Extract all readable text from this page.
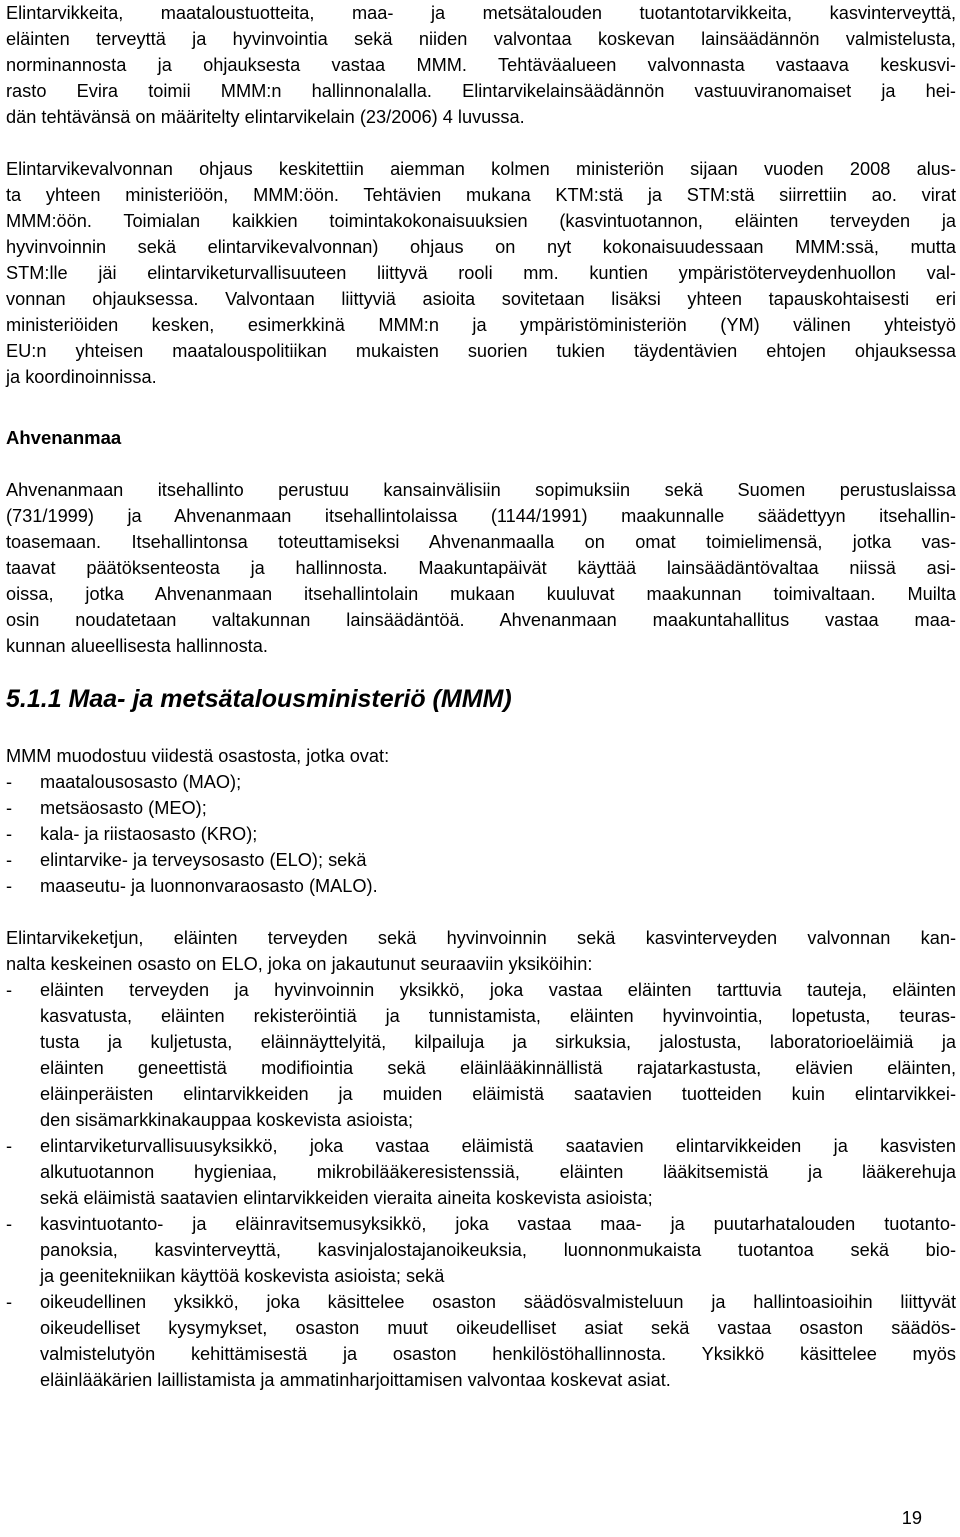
Elintarvikkeita, maataloustuotteita, maa- ja metsätalouden tuotantotarvikkeita, kasvinterveyttä,
eläinten terveyttä ja hyvinvointia sekä niiden valvontaa koskevan lainsäädännön valmistelusta,
norminannosta ja ohjauksesta vastaa MMM. Tehtäväalueen valvonnasta vastaava keskusvi-
rasto Evira toimii MMM:n hallinnonalalla. Elintarvikelainsäädännön vastuuviranomaiset ja hei-
dän tehtävänsä on määritelty elintarvikelain (23/2006) 4 luvussa.
Elintarvikevalvonnan ohjaus keskitettiin aiemman kolmen ministeriön sijaan vuoden 2008 alus-
ta yhteen ministeriöön, MMM:öön. Tehtävien mukana KTM:stä ja STM:stä siirrettiin ao. virat
MMM:öön. Toimialan kaikkien toimintakokonaisuuksien (kasvintuotannon, eläinten terveyden ja
hyvinvoinnin sekä elintarvikevalvonnan) ohjaus on nyt kokonaisuudessaan MMM:ssä, mutta
STM:lle jäi elintarviketurvallisuuteen liittyvä rooli mm. kuntien ympäristöterveydenhuollon val-
vonnan ohjauksessa. Valvontaan liittyviä asioita sovitetaan lisäksi yhteen tapauskohtaisesti eri
ministeriöiden kesken, esimerkkinä MMM:n ja ympäristöministeriön (YM) välinen yhteistyö
EU:n yhteisen maatalouspolitiikan mukaisten suorien tukien täydentävien ehtojen ohjauksessa
ja koordinoinnissa.
Ahvenanmaa
Ahvenanmaan itsehallinto perustuu kansainvälisiin sopimuksiin sekä Suomen perustuslaissa
(731/1999) ja Ahvenanmaan itsehallintolaissa (1144/1991) maakunnalle säädettyyn itsehallin-
toasemaan. Itsehallintonsa toteuttamiseksi Ahvenanmaalla on omat toimielimensä, jotka vas-
taavat päätöksenteosta ja hallinnosta. Maakuntapäivät käyttää lainsäädäntövaltaa niissä asi-
oissa, jotka Ahvenanmaan itsehallintolain mukaan kuuluvat maakunnan toimivaltaan. Muilta
osin noudatetaan valtakunnan lainsäädäntöä. Ahvenanmaan maakuntahallitus vastaa maa-
kunnan alueellisesta hallinnosta.
5.1.1 Maa- ja metsätalousministeriö (MMM)
MMM muodostuu viidestä osastosta, jotka ovat:
- maatalousosasto (MAO);
- metsäosasto (MEO);
- kala- ja riistaosasto (KRO);
- elintarvike- ja terveysosasto (ELO); sekä
- maaseutu- ja luonnonvaraosasto (MALO).
Elintarvikeketjun, eläinten terveyden sekä hyvinvoinnin sekä kasvinterveyden valvonnan kan-
nalta keskeinen osasto on ELO, joka on jakautunut seuraaviin yksiköihin:
- eläinten terveyden ja hyvinvoinnin yksikkö, joka vastaa eläinten tarttuvia tauteja, eläinten
kasvatusta, eläinten rekisteröintiä ja tunnistamista, eläinten hyvinvointia, lopetusta, teuras-
tusta ja kuljetusta, eläinnäyttelyitä, kilpailuja ja sirkuksia, jalostusta, laboratorioeläimiä ja
eläinten geneettistä modifiointia sekä eläinlääkinnällistä rajatarkastusta, elävien eläinten,
eläinperäisten elintarvikkeiden ja muiden eläimistä saatavien tuotteiden kuin elintarvikkei-
den sisämarkkinakauppaa koskevista asioista;
- elintarviketurvallisuusyksikkö, joka vastaa eläimistä saatavien elintarvikkeiden ja kasvisten
alkutuotannon hygieniaa, mikrobilääkeresistenssiä, eläinten lääkitsemistä ja lääkerehuja
sekä eläimistä saatavien elintarvikkeiden vieraita aineita koskevista asioista;
- kasvintuotanto- ja eläinravitsemusyksikkö, joka vastaa maa- ja puutarhatalouden tuotanto-
panoksia, kasvinterveyttä, kasvinjalostajanoikeuksia, luonnonmukaista tuotantoa sekä bio-
ja geenitekniikan käyttöä koskevista asioista; sekä
- oikeudellinen yksikkö, joka käsittelee osaston säädösvalmisteluun ja hallintoasioihin liittyvät
oikeudelliset kysymykset, osaston muut oikeudelliset asiat sekä vastaa osaston säädös-
valmistelutyön kehittämisestä ja osaston henkilöstöhallinnosta. Yksikkö käsittelee myös
eläinlääkärien laillistamista ja ammatinharjoittamisen valvontaa koskevat asiat.
19
